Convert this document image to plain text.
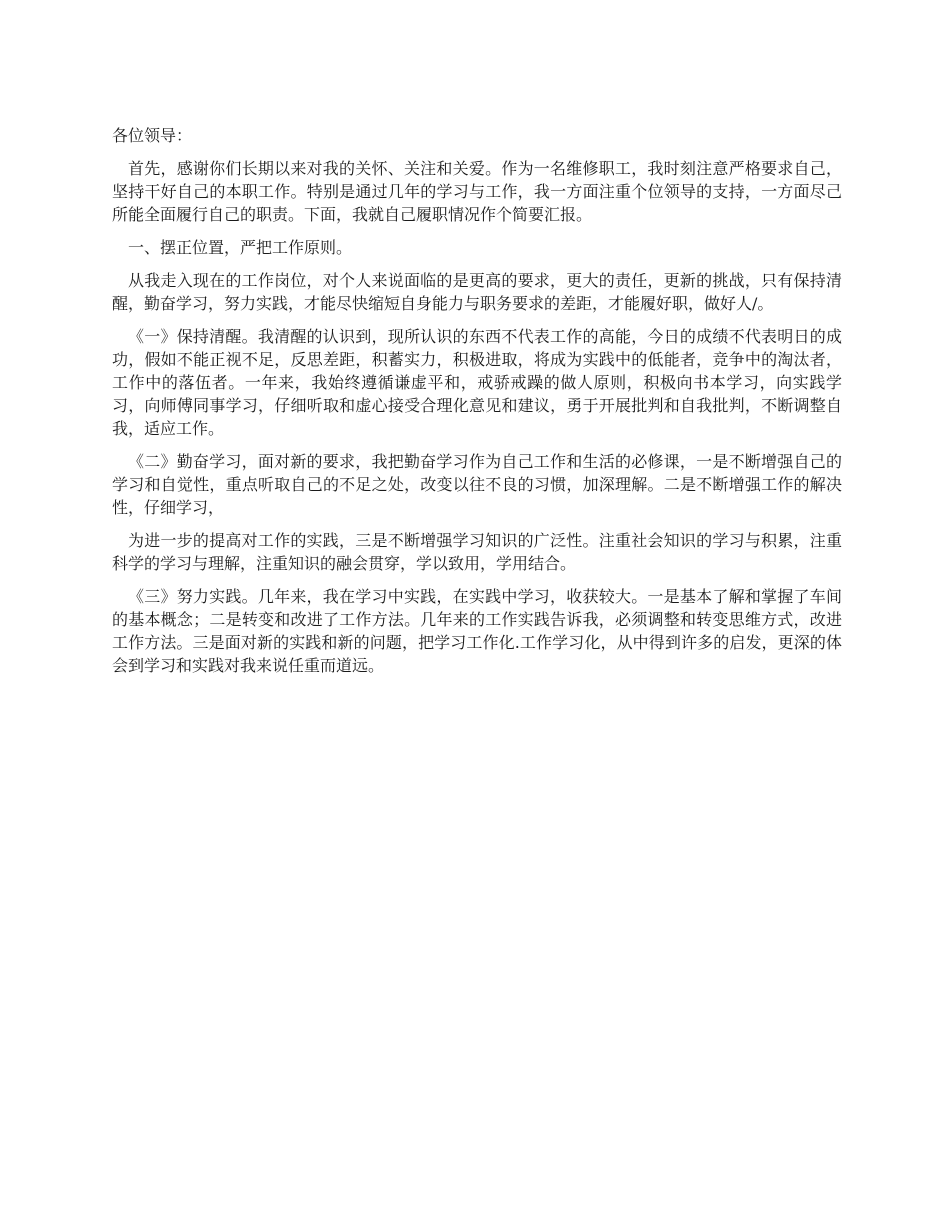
各位领导：

首先，感谢你们长期以来对我的关怀、关注和关爱。作为一名维修职工，我时刻注意严格要求自己，坚持干好自己的本职工作。特别是通过几年的学习与工作，我一方面注重个位领导的支持，一方面尽己所能全面履行自己的职责。下面，我就自己履职情况作个简要汇报。

一、摆正位置，严把工作原则。

从我走入现在的工作岗位，对个人来说面临的是更高的要求，更大的责任，更新的挑战，只有保持清醒，勤奋学习，努力实践，才能尽快缩短自身能力与职务要求的差距，才能履好职，做好人/。

《一》保持清醒。我清醒的认识到，现所认识的东西不代表工作的高能，今日的成绩不代表明日的成功，假如不能正视不足，反思差距，积蓄实力，积极进取，将成为实践中的低能者，竞争中的淘汰者，工作中的落伍者。一年来，我始终遵循谦虚平和，戒骄戒躁的做人原则，积极向书本学习，向实践学习，向师傅同事学习，仔细听取和虚心接受合理化意见和建议，勇于开展批判和自我批判，不断调整自我，适应工作。

《二》勤奋学习，面对新的要求，我把勤奋学习作为自己工作和生活的必修课，一是不断增强自己的学习和自觉性，重点听取自己的不足之处，改变以往不良的习惯，加深理解。二是不断增强工作的解决性，仔细学习，

为进一步的提高对工作的实践，三是不断增强学习知识的广泛性。注重社会知识的学习与积累，注重科学的学习与理解，注重知识的融会贯穿，学以致用，学用结合。

《三》努力实践。几年来，我在学习中实践，在实践中学习，收获较大。一是基本了解和掌握了车间的基本概念；二是转变和改进了工作方法。几年来的工作实践告诉我，必须调整和转变思维方式，改进工作方法。三是面对新的实践和新的问题，把学习工作化.工作学习化，从中得到许多的启发，更深的体会到学习和实践对我来说任重而道远。
